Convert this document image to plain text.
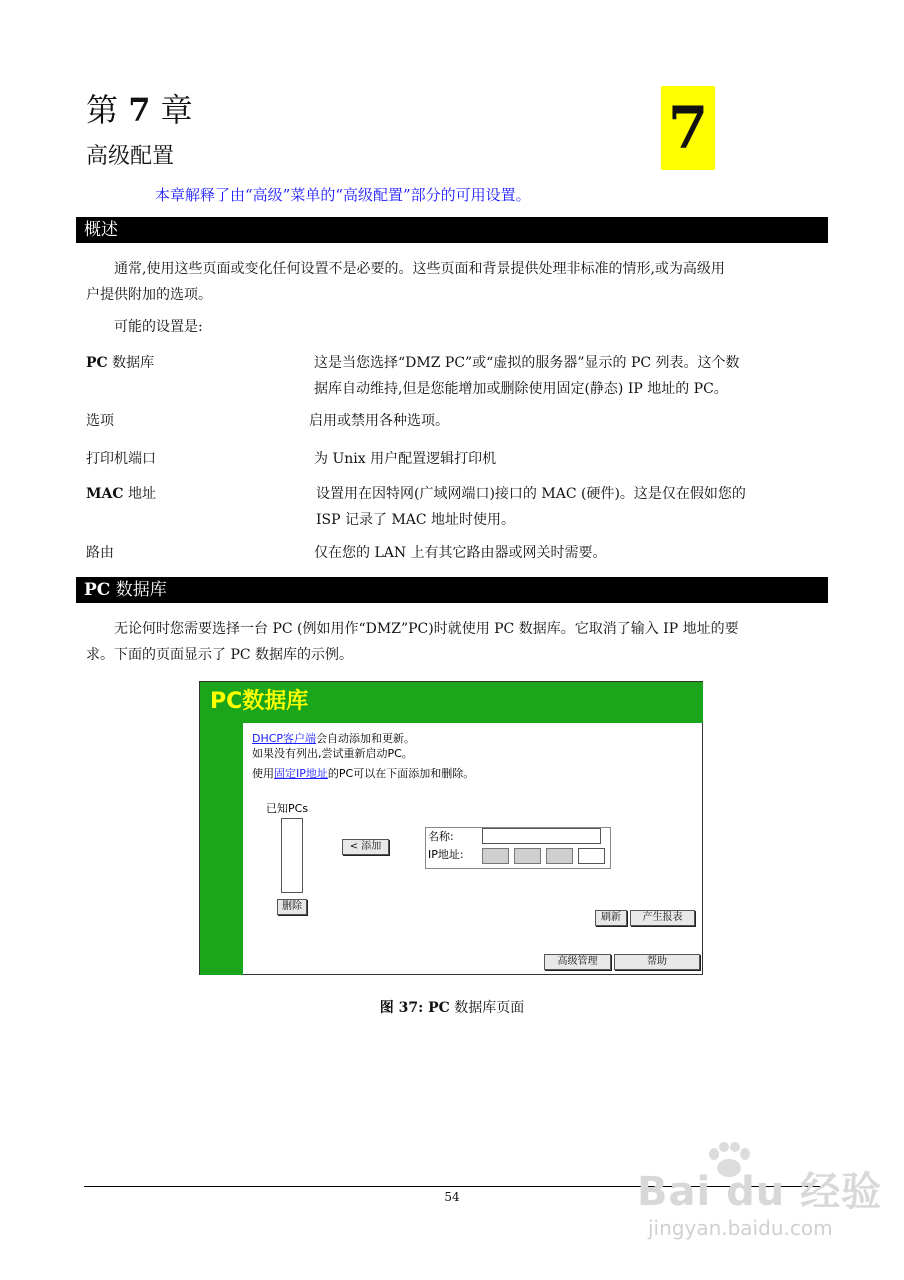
第 7 章
高级配置	7
本章解释了由“高级”菜单的“高级配置”部分的可用设置。
概述
通常,使用这些页面或变化任何设置不是必要的。这些页面和背景提供处理非标准的情形,或为高级用
户提供附加的选项。
可能的设置是:
PC 数据库	这是当您选择“DMZ PC”或“虚拟的服务器”显示的 PC 列表。这个数
据库自动维持,但是您能增加或删除使用固定(静态) IP 地址的 PC。
选项	启用或禁用各种选项。
打印机端口	为 Unix 用户配置逻辑打印机
MAC 地址	设置用在因特网(广域网端口)接口的 MAC (硬件)。这是仅在假如您的
ISP 记录了 MAC 地址时使用。
路由	仅在您的 LAN 上有其它路由器或网关时需要。
PC 数据库
无论何时您需要选择一台 PC (例如用作“DMZ”PC)时就使用 PC 数据库。它取消了输入 IP 地址的要
求。下面的页面显示了 PC 数据库的示例。
PC数据库
DHCP客户端会自动添加和更新。
如果没有列出,尝试重新启动PC。
使用固定IP地址的PC可以在下面添加和删除。
已知PCs
< 添加
删除
名称:
IP地址:
刷新	产生报表
高级管理	帮助
图 37: PC 数据库页面
54	Bai du 经验
jingyan.baidu.com
